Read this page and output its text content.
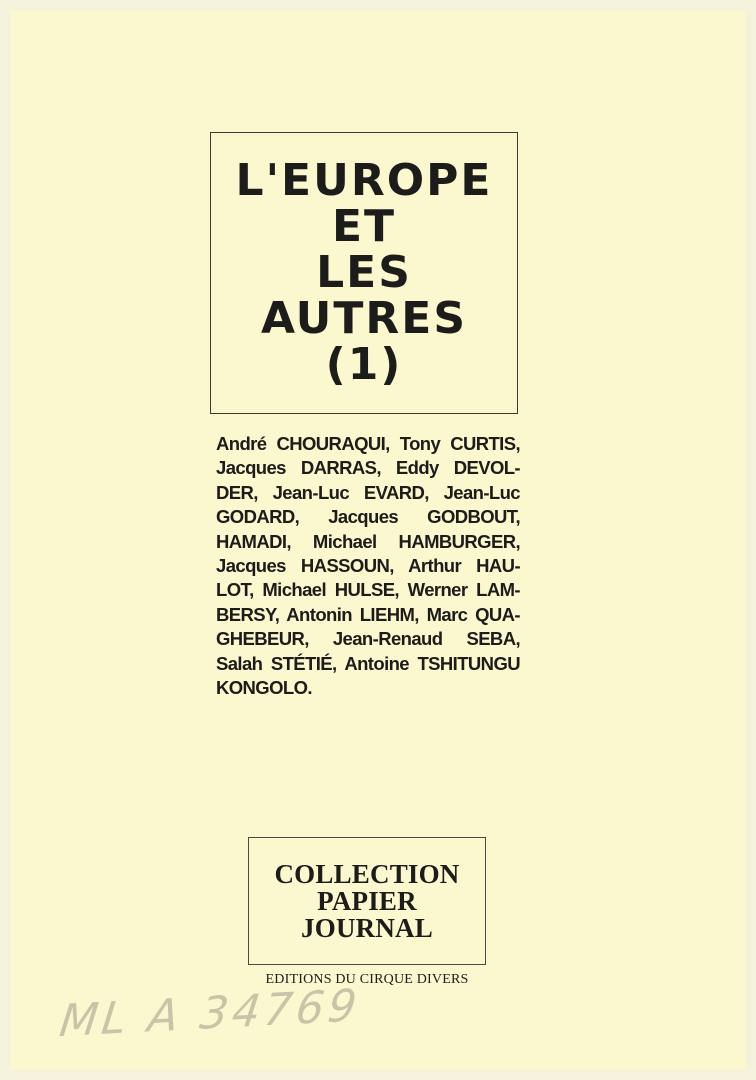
L'EUROPE
ET
LES
AUTRES
(1)
André CHOURAQUI, Tony CURTIS,
Jacques DARRAS, Eddy DEVOL-
DER, Jean-Luc EVARD, Jean-Luc
GODARD, Jacques GODBOUT,
HAMADI, Michael HAMBURGER,
Jacques HASSOUN, Arthur HAU-
LOT, Michael HULSE, Werner LAM-
BERSY, Antonin LIEHM, Marc QUA-
GHEBEUR, Jean-Renaud SEBA,
Salah STÉTIÉ, Antoine TSHITUNGU
KONGOLO.
COLLECTION
PAPIER
JOURNAL
EDITIONS DU CIRQUE DIVERS
ML A 34769
